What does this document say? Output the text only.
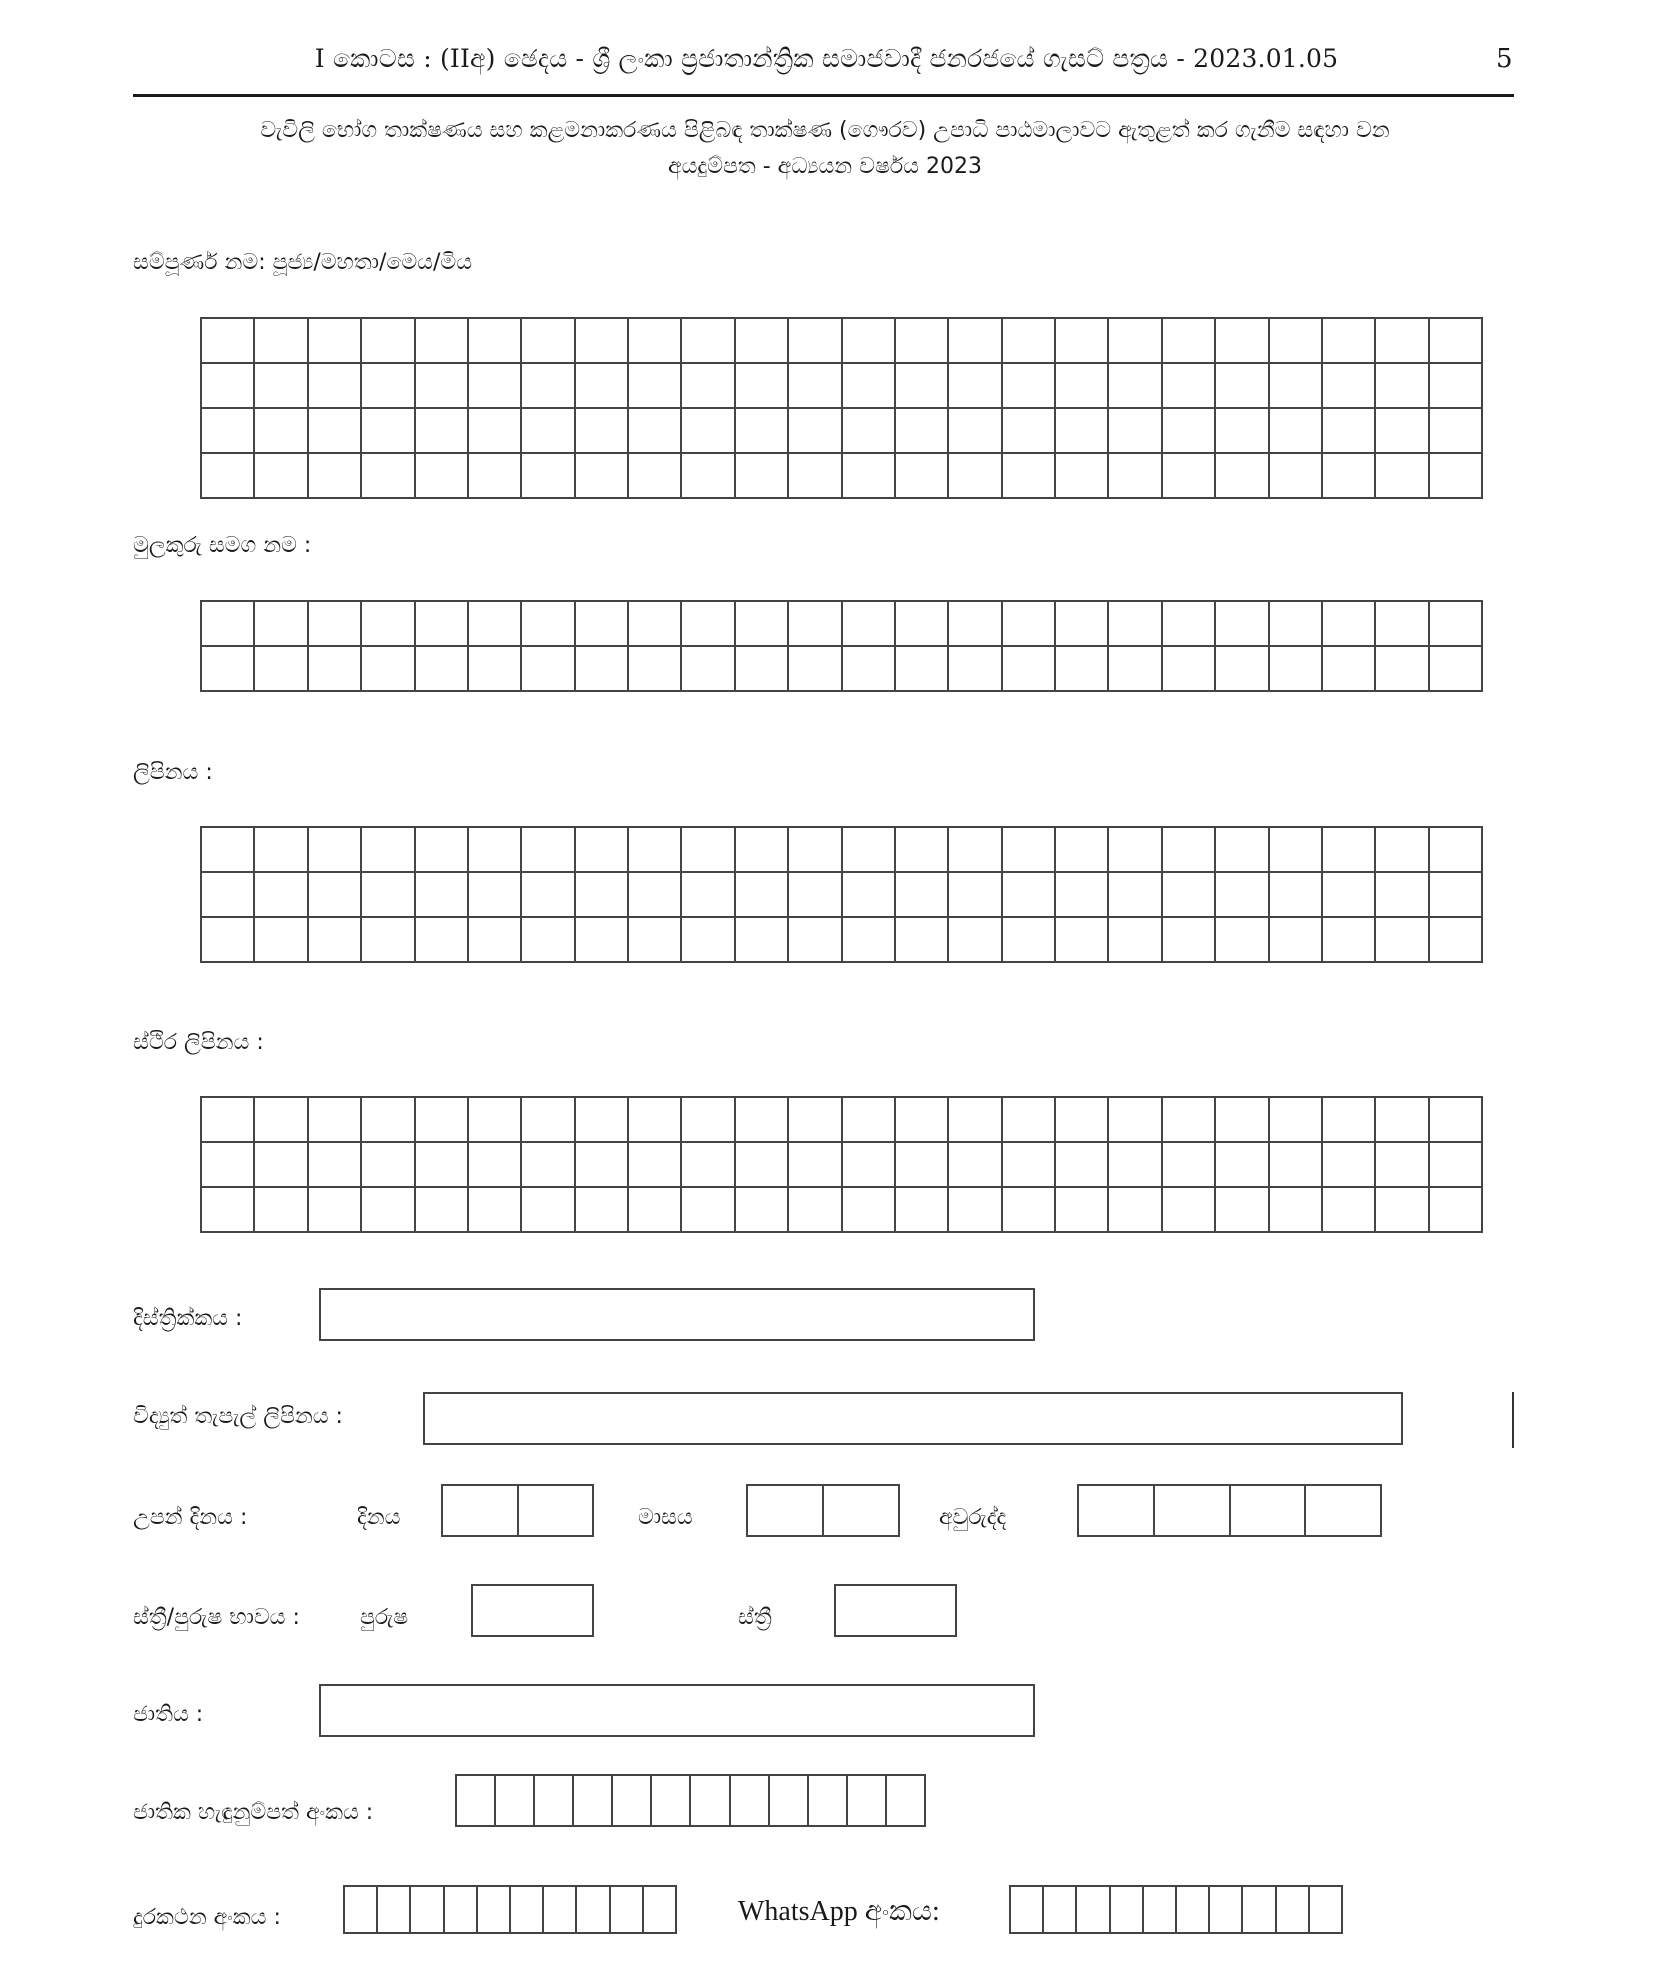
I කොටස : (IIඅ) ඡෙදය - ශ්‍රී ලංකා ප්‍රජාතාන්ත්‍රික සමාජවාදී ජනරජයේ ගැසට් පත්‍රය - 2023.01.05	5
වැවිලි භෝග තාක්ෂණය සහ කළමනාකරණය පිළිබඳ තාක්ෂණ (ගෞරව) උපාධි පාඨමාලාවට ඇතුළත් කර ගැනීම සඳහා වන
අයදුම්පත - අධ්‍යයන වර්ෂය 2023
සම්පූර්ණ නම: පූජ්‍ය/මහතා/මෙය/මිය
මුලකුරු සමග නම :
ලිපිනය :
ස්ථිර ලිපිනය :
දිස්ත්‍රික්කය :
විද්‍යුත් තැපැල් ලිපිනය :
උපන් දිනය :	දිනය	මාසය	අවුරුද්ද
ස්ත්‍රී/පුරුෂ භාවය :	පුරුෂ	ස්ත්‍රී
ජාතිය :
ජාතික හැඳුනුම්පත් අංකය :
දුරකථන අංකය :	WhatsApp අංකය:
